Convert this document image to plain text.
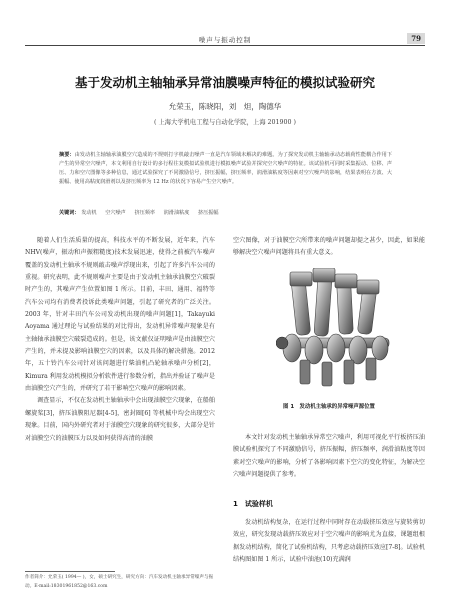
噪声与振动控制	79
基于发动机主轴轴承异常油膜噪声特征的模拟试验研究
允荣玉，陈晓阳，刘　炟，陶德华
( 上海大学机电工程与自动化学院，上海 201900 )
摘要：由发动机主轴轴承油膜空穴造成的不规则打字机敲击噪声一直是汽车领域未解决的难题。为了探究发动机主轴轴承动态载荷性能耦合作用下产生的异常空穴噪声，本文利用自行设计的多行程往复模拟试验机进行模拟噪声试验并探究空穴噪声的特征。该试验机可同时采集振动、位移、声压、力和空穴图像等多种信息，通过试验探究了不同激励信号，挤压振幅，挤压频率，润滑油粘度等因素对空穴噪声的影响，结果表明在方波、大振幅、使用高粘度润滑剂以及挤压频率为 12 Hz 的状况下容易产生空穴噪声。
关键词： 发动机 空穴噪声 挤压频率 润滑油粘度 挤压振幅

随着人们生活质量的提高，科技水平的不断发展，近年来，汽车 NHV(噪声，振动和声振粗糙度)技术发展迅速，使得之前被汽车噪声覆盖的发动机主轴承不规则敲击噪声浮现出来，引起了许多汽车公司的重视。研究表明，此不规则噪声主要是由于发动机主轴承油膜空穴破裂时产生的，其噪声产生位置如图 1 所示。目前，丰田、通用、福特等汽车公司均有消费者投诉此类噪声问题，引起了研究者的广泛关注。2003 年，针对丰田汽车公司发动机出现的噪声问题[1]，Takayuki Aoyama 通过理论与试验结果的对比得出，发动机异常噪声现象是有主轴轴承油膜空穴破裂造成的。但是，该文献仅证明噪声是由油膜空穴产生的，并未提及影响油膜空穴的因素，以及具体的解决措施。2012 年，五十铃汽车公司针对该问题进行柴油机凸轮轴承噪声分析[2]，Kimura 利用发动机模拟分析软件进行参数分析，指出并验证了噪声是由油膜空穴产生的，并研究了若干影响空穴噪声的影响因素。

调查显示，不仅在发动机主轴轴承中会出现油膜空穴现象，在船舶螺旋桨[3]，挤压油膜阻尼器[4-5]，密封圈[6] 等机械中均会出现空穴现象。目前，国内外研究者对于油膜空穴现象的研究很多，大部分是针对油膜空穴的油膜压力以及如何获得高清的油膜

空穴图像，对于油膜空穴所带来的噪声问题却提之甚少，因此，如果能够解决空穴噪声问题将具有重大意义。

图 1　发动机主轴承的异常噪声源位置

本文针对发动机主轴轴承异常空穴噪声，利用可视化平行板挤压油膜试验机探究了不同激励信号，挤压振幅，挤压频率，润滑油粘度等因素对空穴噪声的影响，分析了各影响因素下空穴的变化特征，为解决空穴噪声问题提供了参考。

1　试验样机

发动机结构复杂，在运行过程中同时存在动载挤压效应与旋转剪切效应，研究发现动载挤压效应对于空穴噪声的影响尤为直接，课题组根据发动机结构，简化了试验机结构，只考虑动载挤压效应[7-8]。试验机结构图如图 1 所示，试验中油池(10)充满润

作者简介：允荣玉( 1994— )，女，硕士研究生，研究方向：汽车发动机主轴承异常噪声与振动。E-mail:18301961852@163.com
